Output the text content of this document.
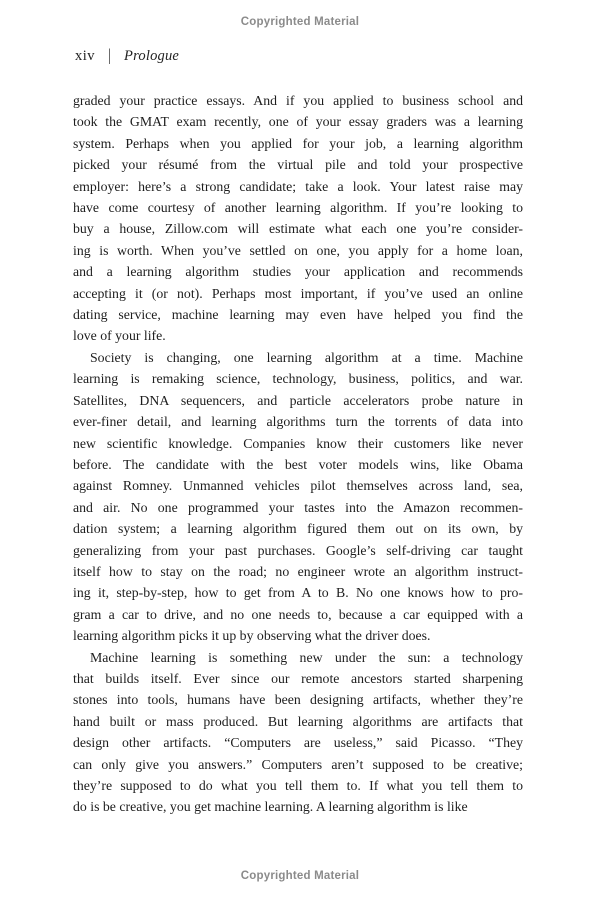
Copyrighted Material
xiv | Prologue
graded your practice essays. And if you applied to business school and
took the GMAT exam recently, one of your essay graders was a learning
system. Perhaps when you applied for your job, a learning algorithm
picked your résumé from the virtual pile and told your prospective
employer: here’s a strong candidate; take a look. Your latest raise may
have come courtesy of another learning algorithm. If you’re looking to
buy a house, Zillow.com will estimate what each one you’re consider-
ing is worth. When you’ve settled on one, you apply for a home loan,
and a learning algorithm studies your application and recommends
accepting it (or not). Perhaps most important, if you’ve used an online
dating service, machine learning may even have helped you find the
love of your life.
Society is changing, one learning algorithm at a time. Machine
learning is remaking science, technology, business, politics, and war.
Satellites, DNA sequencers, and particle accelerators probe nature in
ever-finer detail, and learning algorithms turn the torrents of data into
new scientific knowledge. Companies know their customers like never
before. The candidate with the best voter models wins, like Obama
against Romney. Unmanned vehicles pilot themselves across land, sea,
and air. No one programmed your tastes into the Amazon recommen-
dation system; a learning algorithm figured them out on its own, by
generalizing from your past purchases. Google’s self-driving car taught
itself how to stay on the road; no engineer wrote an algorithm instruct-
ing it, step-by-step, how to get from A to B. No one knows how to pro-
gram a car to drive, and no one needs to, because a car equipped with a
learning algorithm picks it up by observing what the driver does.
Machine learning is something new under the sun: a technology
that builds itself. Ever since our remote ancestors started sharpening
stones into tools, humans have been designing artifacts, whether they’re
hand built or mass produced. But learning algorithms are artifacts that
design other artifacts. “Computers are useless,” said Picasso. “They
can only give you answers.” Computers aren’t supposed to be creative;
they’re supposed to do what you tell them to. If what you tell them to
do is be creative, you get machine learning. A learning algorithm is like
Copyrighted Material
